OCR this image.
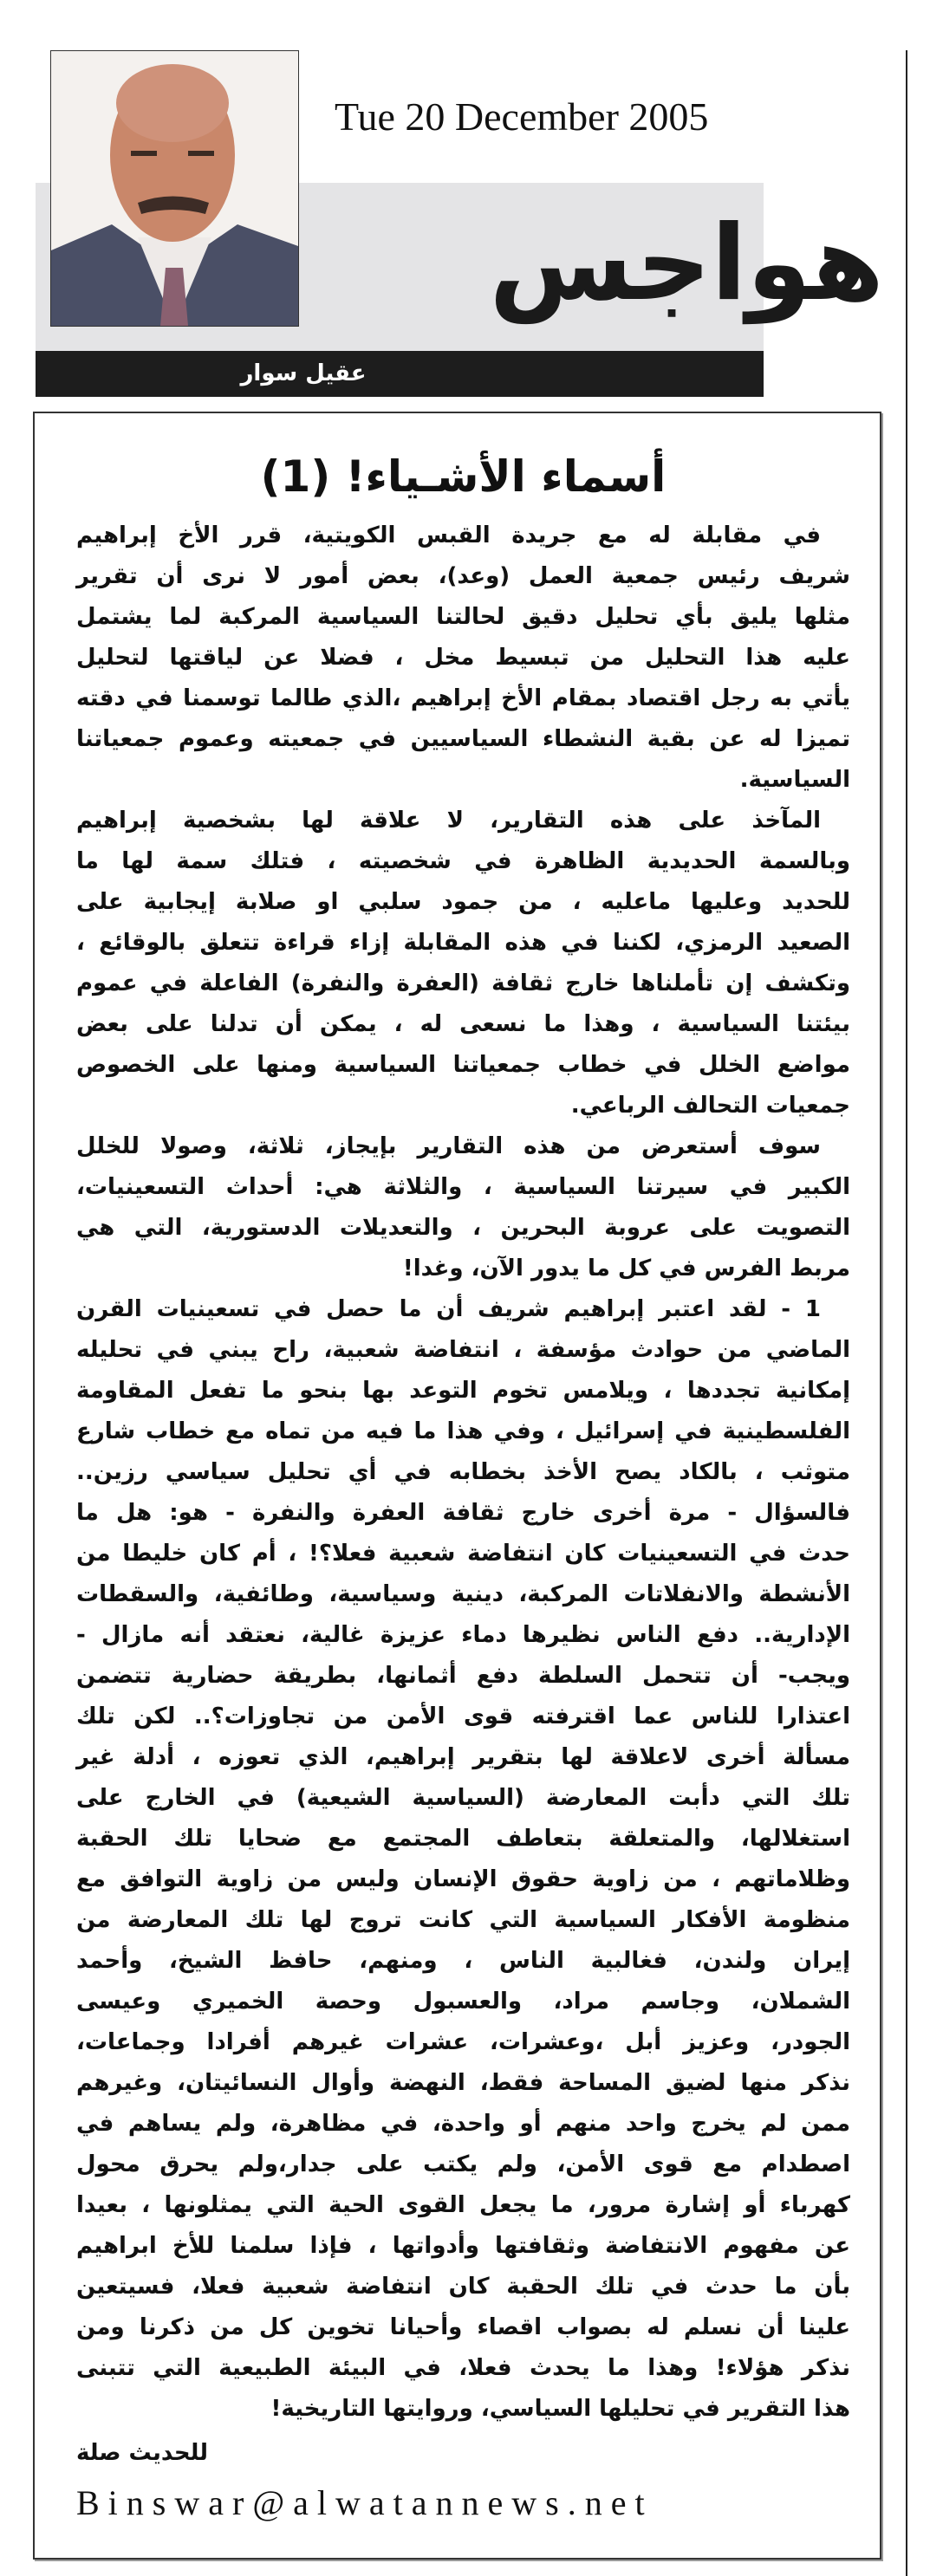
عقيل سوار
Tue 20 December 2005
هواجس
أسماء الأشـياء! (1)
في مقابلة له مع جريدة القبس الكويتية، قرر الأخ إبراهيم
شريف رئيس جمعية العمل (وعد)، بعض أمور لا نرى أن تقرير
مثلها يليق بأي تحليل دقيق لحالتنا السياسية المركبة لما يشتمل
عليه هذا التحليل من تبسيط مخل ، فضلا عن لياقتها لتحليل
يأتي به رجل اقتصاد بمقام الأخ إبراهيم ،الذي طالما توسمنا في دقته
تميزا له عن بقية النشطاء السياسيين في جمعيته وعموم جمعياتنا
السياسية.
المآخذ على هذه التقارير، لا علاقة لها بشخصية إبراهيم
وبالسمة الحديدية الظاهرة في شخصيته ، فتلك سمة لها ما
للحديد وعليها ماعليه ، من جمود سلبي او صلابة إيجابية على
الصعيد الرمزي، لكننا في هذه المقابلة إزاء قراءة تتعلق بالوقائع ،
وتكشف إن تأملناها خارج ثقافة (العفرة والنفرة) الفاعلة في عموم
بيئتنا السياسية ، وهذا ما نسعى له ، يمكن أن تدلنا على بعض
مواضع الخلل في خطاب جمعياتنا السياسية ومنها على الخصوص
جمعيات التحالف الرباعي.
سوف أستعرض من هذه التقارير بإيجاز، ثلاثة، وصولا للخلل
الكبير في سيرتنا السياسية ، والثلاثة هي: أحداث التسعينيات،
التصويت على عروبة البحرين ، والتعديلات الدستورية، التي هي
مربط الفرس في كل ما يدور الآن، وغدا!
1 - لقد اعتبر إبراهيم شريف أن ما حصل في تسعينيات القرن
الماضي من حوادث مؤسفة ، انتفاضة شعبية، راح يبني في تحليله
إمكانية تجددها ، ويلامس تخوم التوعد بها بنحو ما تفعل المقاومة
الفلسطينية في إسرائيل ، وفي هذا ما فيه من تماه مع خطاب شارع
متوثب ، بالكاد يصح الأخذ بخطابه في أي تحليل سياسي رزين..
فالسؤال - مرة أخرى خارج ثقافة العفرة والنفرة - هو: هل ما
حدث في التسعينيات كان انتفاضة شعبية فعلا؟! ، أم كان خليطا من
الأنشطة والانفلاتات المركبة، دينية وسياسية، وطائفية، والسقطات
الإدارية.. دفع الناس نظيرها دماء عزيزة غالية، نعتقد أنه مازال -
ويجب- أن تتحمل السلطة دفع أثمانها، بطريقة حضارية تتضمن
اعتذارا للناس عما اقترفته قوى الأمن من تجاوزات؟.. لكن تلك
مسألة أخرى لاعلاقة لها بتقرير إبراهيم، الذي تعوزه ، أدلة غير
تلك التي دأبت المعارضة (السياسية الشيعية) في الخارج على
استغلالها، والمتعلقة بتعاطف المجتمع مع ضحايا تلك الحقبة
وظلاماتهم ، من زاوية حقوق الإنسان وليس من زاوية التوافق مع
منظومة الأفكار السياسية التي كانت تروج لها تلك المعارضة من
إيران ولندن، فغالبية الناس ، ومنهم، حافظ الشيخ، وأحمد
الشملان، وجاسم مراد، والعسبول وحصة الخميري وعيسى
الجودر، وعزيز أبل ،وعشرات، عشرات غيرهم أفرادا وجماعات،
نذكر منها لضيق المساحة فقط، النهضة وأوال النسائيتان، وغيرهم
ممن لم يخرج واحد منهم أو واحدة، في مظاهرة، ولم يساهم في
اصطدام مع قوى الأمن، ولم يكتب على جدار،ولم يحرق محول
كهرباء أو إشارة مرور، ما يجعل القوى الحية التي يمثلونها ، بعيدا
عن مفهوم الانتفاضة وثقافتها وأدواتها ، فإذا سلمنا للأخ ابراهيم
بأن ما حدث في تلك الحقبة كان انتفاضة شعبية فعلا، فسيتعين
علينا أن نسلم له بصواب اقصاء وأحيانا تخوين كل من ذكرنا ومن
نذكر هؤلاء! وهذا ما يحدث فعلا، في البيئة الطبيعية التي تتبنى
هذا التقرير في تحليلها السياسي، وروايتها التاريخية!
للحديث صلة
Binswar@alwatannews.net
